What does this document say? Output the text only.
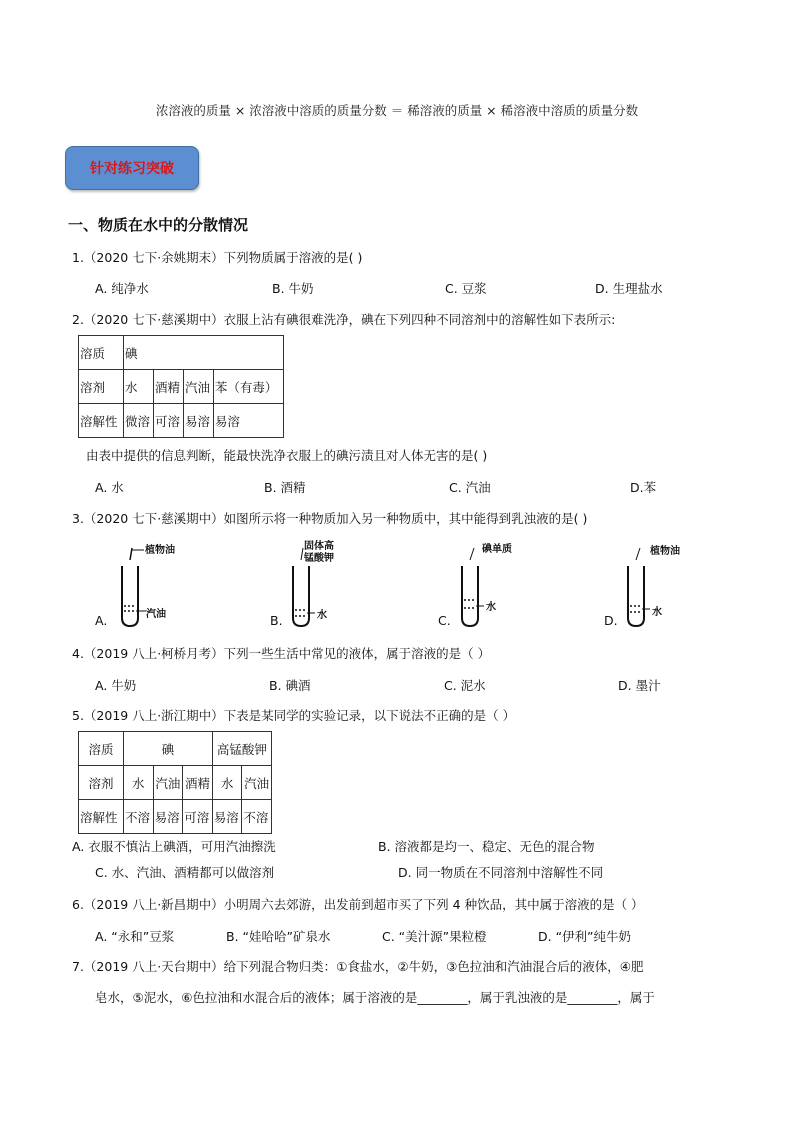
浓溶液的质量 × 浓溶液中溶质的质量分数 ＝ 稀溶液的质量 × 稀溶液中溶质的质量分数
针对练习突破
一、物质在水中的分散情况
1.（2020 七下·余姚期末）下列物质属于溶液的是( )
A. 纯净水	B. 牛奶	C. 豆浆	D. 生理盐水
2.（2020 七下·慈溪期中）衣服上沾有碘很难洗净，碘在下列四种不同溶剂中的溶解性如下表所示:
溶质	碘			
溶剂	水	酒精	汽油	苯（有毒）
溶解性	微溶	可溶	易溶	易溶
由表中提供的信息判断，能最快洗净衣服上的碘污渍且对人体无害的是( )
A. 水	B. 酒精	C. 汽油	D.苯
3.（2020 七下·慈溪期中）如图所示将一种物质加入另一种物质中，其中能得到乳浊液的是( )
A.
植物油
汽油	B.
固体高锰酸钾
水	C.
碘单质
水
D.
植物油
水
4.（2019 八上·柯桥月考）下列一些生活中常见的液体，属于溶液的是（ ）
A. 牛奶	B. 碘酒	C. 泥水	D. 墨汁
5.（2019 八上·浙江期中）下表是某同学的实验记录，以下说法不正确的是（ ）
溶质	碘			高锰酸钾	
溶剂	水	汽油	酒精	水	汽油
溶解性	不溶	易溶	可溶	易溶	不溶
A. 衣服不慎沾上碘酒，可用汽油擦洗	B. 溶液都是均一、稳定、无色的混合物
C. 水、汽油、酒精都可以做溶剂	D. 同一物质在不同溶剂中溶解性不同
6.（2019 八上·新昌期中）小明周六去郊游，出发前到超市买了下列 4 种饮品，其中属于溶液的是（ ）
A. “永和”豆浆	B. “娃哈哈”矿泉水	C. “美汁源”果粒橙	D. “伊利”纯牛奶
7.（2019 八上·天台期中）给下列混合物归类：①食盐水，②牛奶，③色拉油和汽油混合后的液体，④肥
皂水，⑤泥水，⑥色拉油和水混合后的液体；属于溶液的是________，属于乳浊液的是________，属于
